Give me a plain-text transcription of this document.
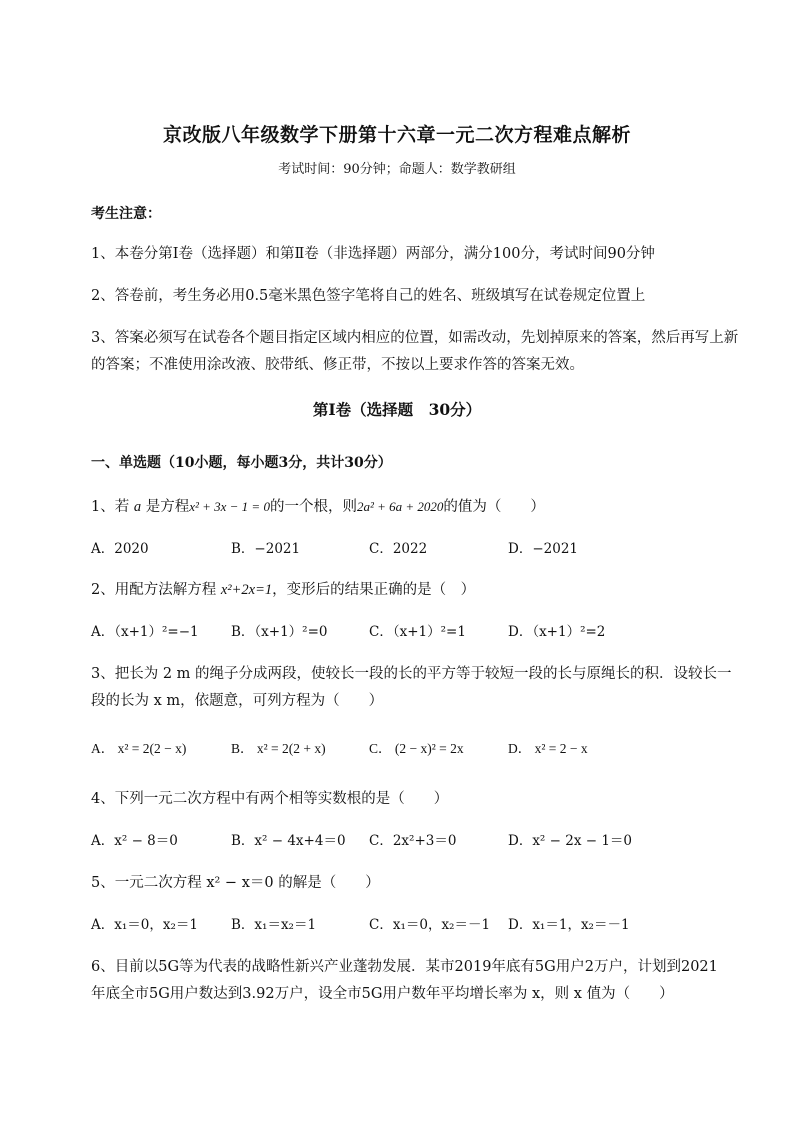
京改版八年级数学下册第十六章一元二次方程难点解析
考试时间：90分钟；命题人：数学教研组
考生注意：
1、本卷分第Ⅰ卷（选择题）和第Ⅱ卷（非选择题）两部分，满分100分，考试时间90分钟
2、答卷前，考生务必用0.5毫米黑色签字笔将自己的姓名、班级填写在试卷规定位置上
3、答案必须写在试卷各个题目指定区域内相应的位置，如需改动，先划掉原来的答案，然后再写上新
的答案；不准使用涂改液、胶带纸、修正带，不按以上要求作答的答案无效。
第Ⅰ卷（选择题　30分）
一、单选题（10小题，每小题3分，共计30分）
1、若 a 是方程x² + 3x − 1 = 0的一个根，则2a² + 6a + 2020的值为（　　）
A．2020	B．−2021	C．2022	D．−2021
2、用配方法解方程 x²+2x=1，变形后的结果正确的是（　）
A．（x+1）²=−1 B．（x+1）²=0	C．（x+1）²=1	D．（x+1）²=2
3、把长为 2 m 的绳子分成两段，使较长一段的长的平方等于较短一段的长与原绳长的积．设较长一
段的长为 x m，依题意，可列方程为（　　）
A． x² = 2(2 − x)	B． x² = 2(2 + x)	C． (2 − x)² = 2x	D． x² = 2 − x
4、下列一元二次方程中有两个相等实数根的是（　　）
A．x² − 8＝0	B．x² − 4x+4＝0 C．2x²+3＝0	D．x² − 2x − 1＝0
5、一元二次方程 x² − x＝0 的解是（　　）
A．x₁＝0，x₂＝1 B．x₁＝x₂＝1	C．x₁＝0，x₂＝－1 D．x₁＝1，x₂＝－1
6、目前以5G等为代表的战略性新兴产业蓬勃发展．某市2019年底有5G用户2万户，计划到2021
年底全市5G用户数达到3.92万户，设全市5G用户数年平均增长率为 x，则 x 值为（　　）
